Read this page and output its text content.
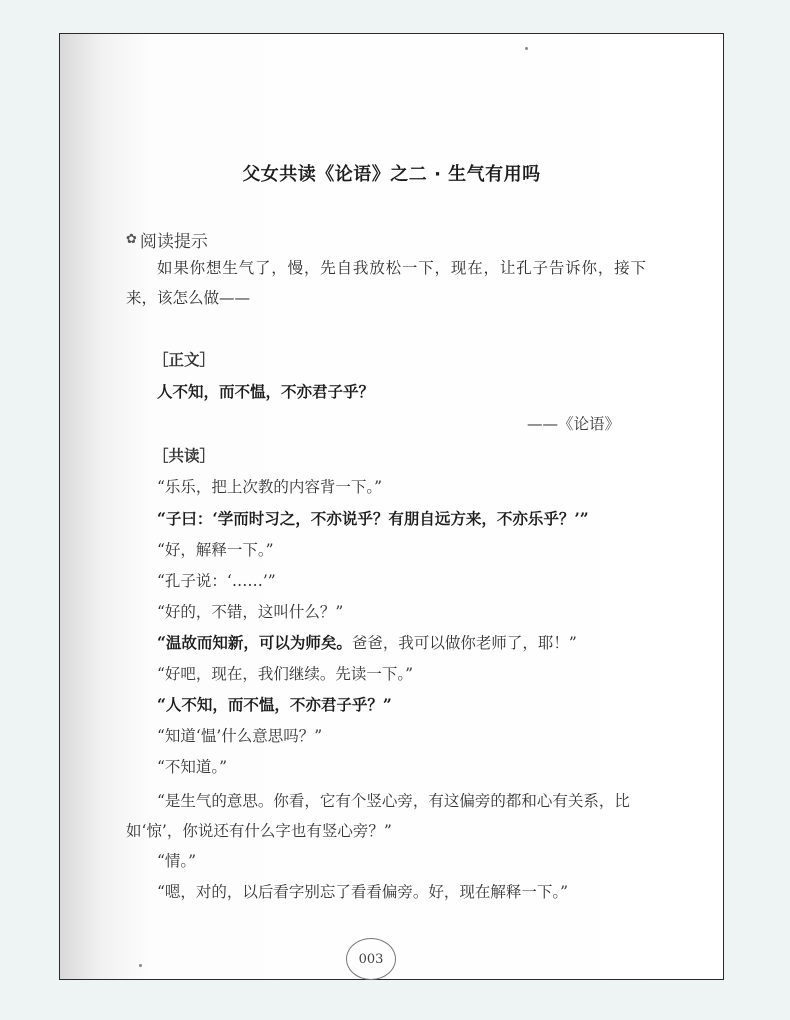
父女共读《论语》之二 · 生气有用吗
✿ 阅读提示
如果你想生气了，慢，先自我放松一下，现在，让孔子告诉你，接下来，该怎么做——
［正文］
人不知，而不愠，不亦君子乎？
——《论语》
［共读］
“乐乐，把上次教的内容背一下。”
“子曰：‘学而时习之，不亦说乎？有朋自远方来，不亦乐乎？’”
“好，解释一下。”
“孔子说：‘……’”
“好的，不错，这叫什么？”
“温故而知新，可以为师矣。爸爸，我可以做你老师了，耶！”
“好吧，现在，我们继续。先读一下。”
“人不知，而不愠，不亦君子乎？”
“知道‘愠’什么意思吗？”
“不知道。”
“是生气的意思。你看，它有个竖心旁，有这偏旁的都和心有关系，比如‘惊’，你说还有什么字也有竖心旁？”
“情。”
“嗯，对的，以后看字别忘了看看偏旁。好，现在解释一下。”
003
